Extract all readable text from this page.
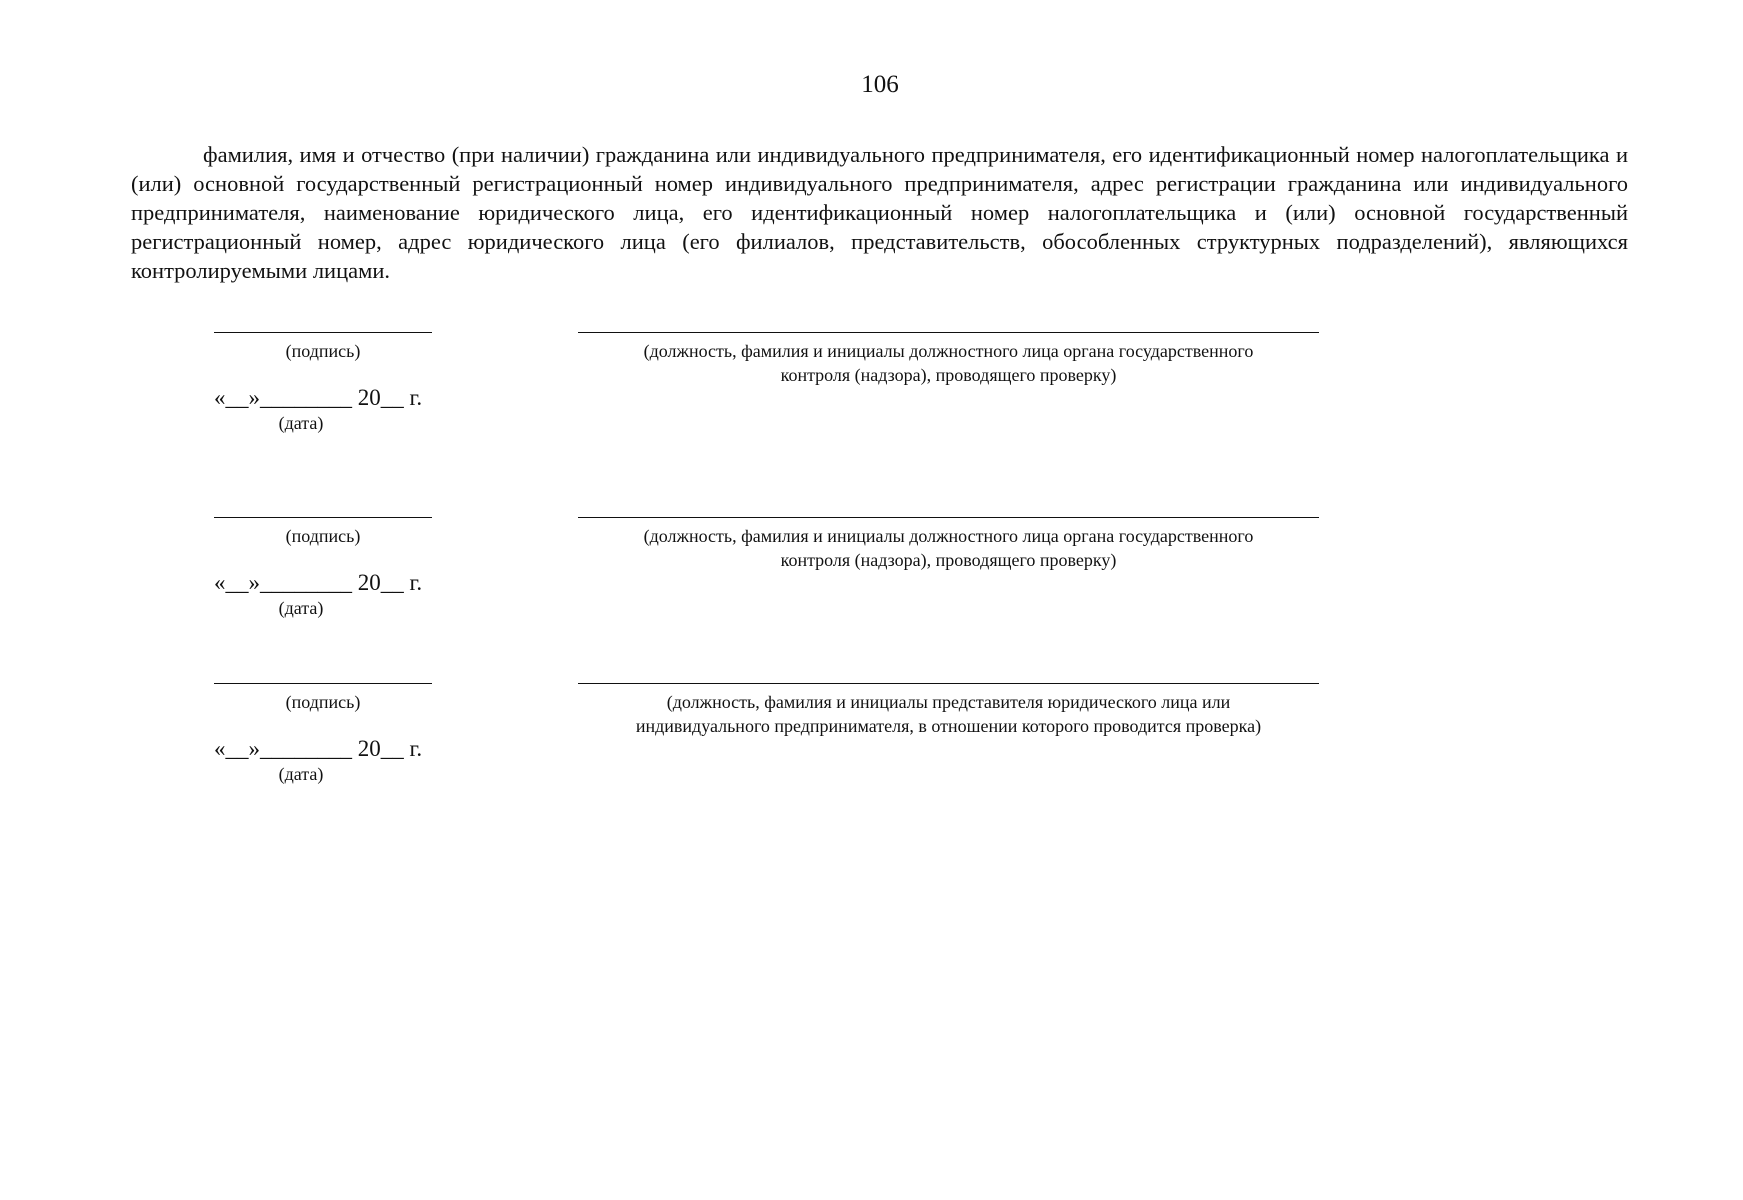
106

фамилия, имя и отчество (при наличии) гражданина или индивидуального предпринимателя, его идентификационный номер налогоплательщика и (или) основной государственный регистрационный номер индивидуального предпринимателя, адрес регистрации гражданина или индивидуального предпринимателя, наименование юридического лица, его идентификационный номер налогоплательщика и (или) основной государственный регистрационный номер, адрес юридического лица (его филиалов, представительств, обособленных структурных подразделений), являющихся контролируемыми лицами.

(подпись)	(должность, фамилия и инициалы должностного лица органа государственного
контроля (надзора), проводящего проверку)
«__»________ 20__ г.
(дата)
(подпись)	(должность, фамилия и инициалы должностного лица органа государственного
контроля (надзора), проводящего проверку)
«__»________ 20__ г.
(дата)
(подпись)	(должность, фамилия и инициалы представителя юридического лица или
индивидуального предпринимателя, в отношении которого проводится проверка)
«__»________ 20__ г.
(дата)
